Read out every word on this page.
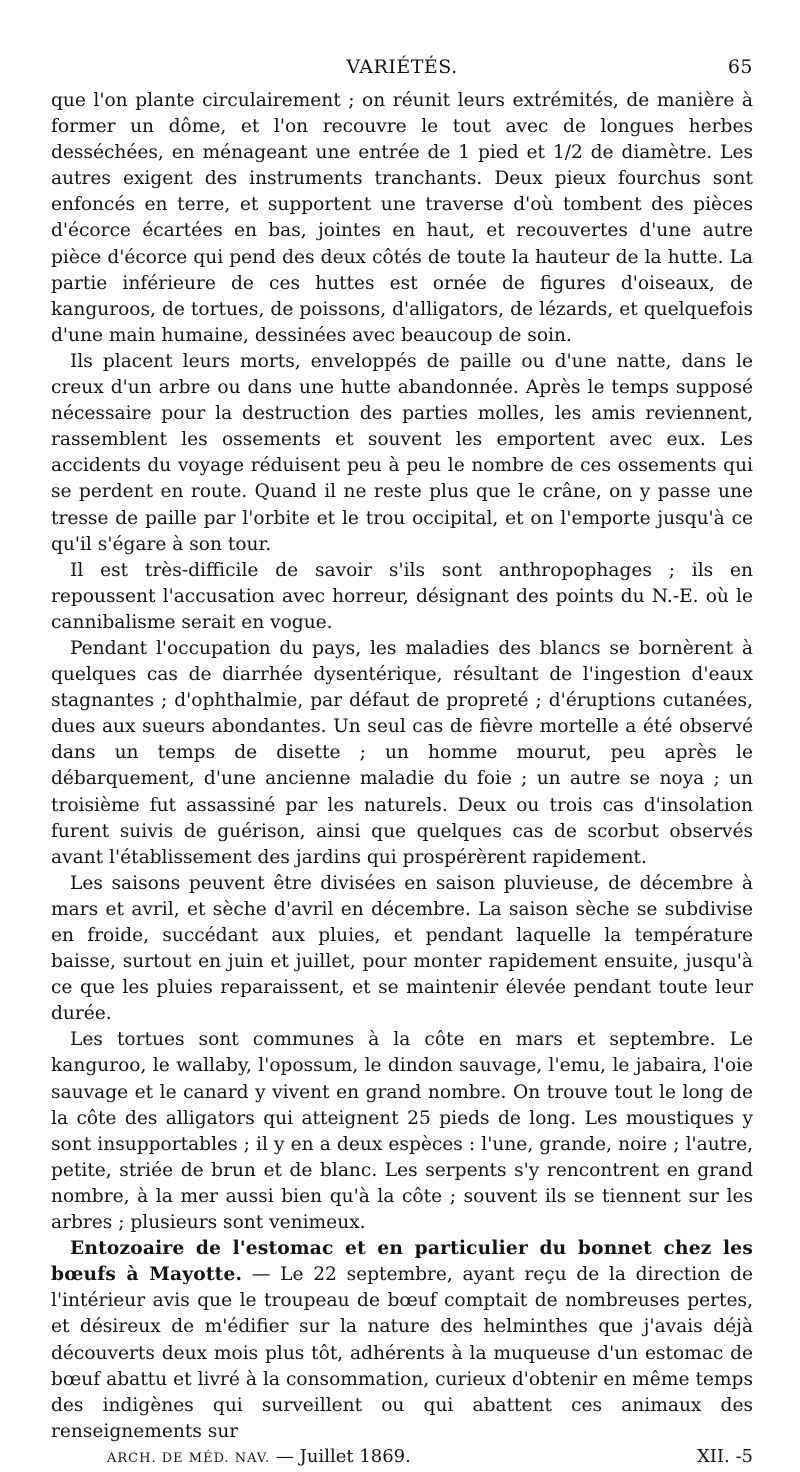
VARIÉTÉS.	65

que l'on plante circulairement ; on réunit leurs extrémités, de manière à former un dôme, et l'on recouvre le tout avec de longues herbes desséchées, en ménageant une entrée de 1 pied et 1/2 de diamètre. Les autres exigent des instruments tranchants. Deux pieux fourchus sont enfoncés en terre, et supportent une traverse d'où tombent des pièces d'écorce écartées en bas, jointes en haut, et recouvertes d'une autre pièce d'écorce qui pend des deux côtés de toute la hauteur de la hutte. La partie inférieure de ces huttes est ornée de figures d'oiseaux, de kanguroos, de tortues, de poissons, d'alligators, de lézards, et quelquefois d'une main humaine, dessinées avec beaucoup de soin.

Ils placent leurs morts, enveloppés de paille ou d'une natte, dans le creux d'un arbre ou dans une hutte abandonnée. Après le temps supposé nécessaire pour la destruction des parties molles, les amis reviennent, rassemblent les ossements et souvent les emportent avec eux. Les accidents du voyage réduisent peu à peu le nombre de ces ossements qui se perdent en route. Quand il ne reste plus que le crâne, on y passe une tresse de paille par l'orbite et le trou occipital, et on l'emporte jusqu'à ce qu'il s'égare à son tour.

Il est très-difficile de savoir s'ils sont anthropophages ; ils en repoussent l'accusation avec horreur, désignant des points du N.-E. où le cannibalisme serait en vogue.

Pendant l'occupation du pays, les maladies des blancs se bornèrent à quelques cas de diarrhée dysentérique, résultant de l'ingestion d'eaux stagnantes ; d'ophthalmie, par défaut de propreté ; d'éruptions cutanées, dues aux sueurs abondantes. Un seul cas de fièvre mortelle a été observé dans un temps de disette ; un homme mourut, peu après le débarquement, d'une ancienne maladie du foie ; un autre se noya ; un troisième fut assassiné par les naturels. Deux ou trois cas d'insolation furent suivis de guérison, ainsi que quelques cas de scorbut observés avant l'établissement des jardins qui prospérèrent rapidement.

Les saisons peuvent être divisées en saison pluvieuse, de décembre à mars et avril, et sèche d'avril en décembre. La saison sèche se subdivise en froide, succédant aux pluies, et pendant laquelle la température baisse, surtout en juin et juillet, pour monter rapidement ensuite, jusqu'à ce que les pluies reparaissent, et se maintenir élevée pendant toute leur durée.

Les tortues sont communes à la côte en mars et septembre. Le kanguroo, le wallaby, l'opossum, le dindon sauvage, l'emu, le jabaira, l'oie sauvage et le canard y vivent en grand nombre. On trouve tout le long de la côte des alligators qui atteignent 25 pieds de long. Les moustiques y sont insupportables ; il y en a deux espèces : l'une, grande, noire ; l'autre, petite, striée de brun et de blanc. Les serpents s'y rencontrent en grand nombre, à la mer aussi bien qu'à la côte ; souvent ils se tiennent sur les arbres ; plusieurs sont venimeux.

Entozoaire de l'estomac et en particulier du bonnet chez les bœufs à Mayotte. — Le 22 septembre, ayant reçu de la direction de l'intérieur avis que le troupeau de bœuf comptait de nombreuses pertes, et désireux de m'édifier sur la nature des helminthes que j'avais déjà découverts deux mois plus tôt, adhérents à la muqueuse d'un estomac de bœuf abattu et livré à la consommation, curieux d'obtenir en même temps des indigènes qui surveillent ou qui abattent ces animaux des renseignements sur

ARCH. DE MÉD. NAV. — Juillet 1869.	XII. -5
